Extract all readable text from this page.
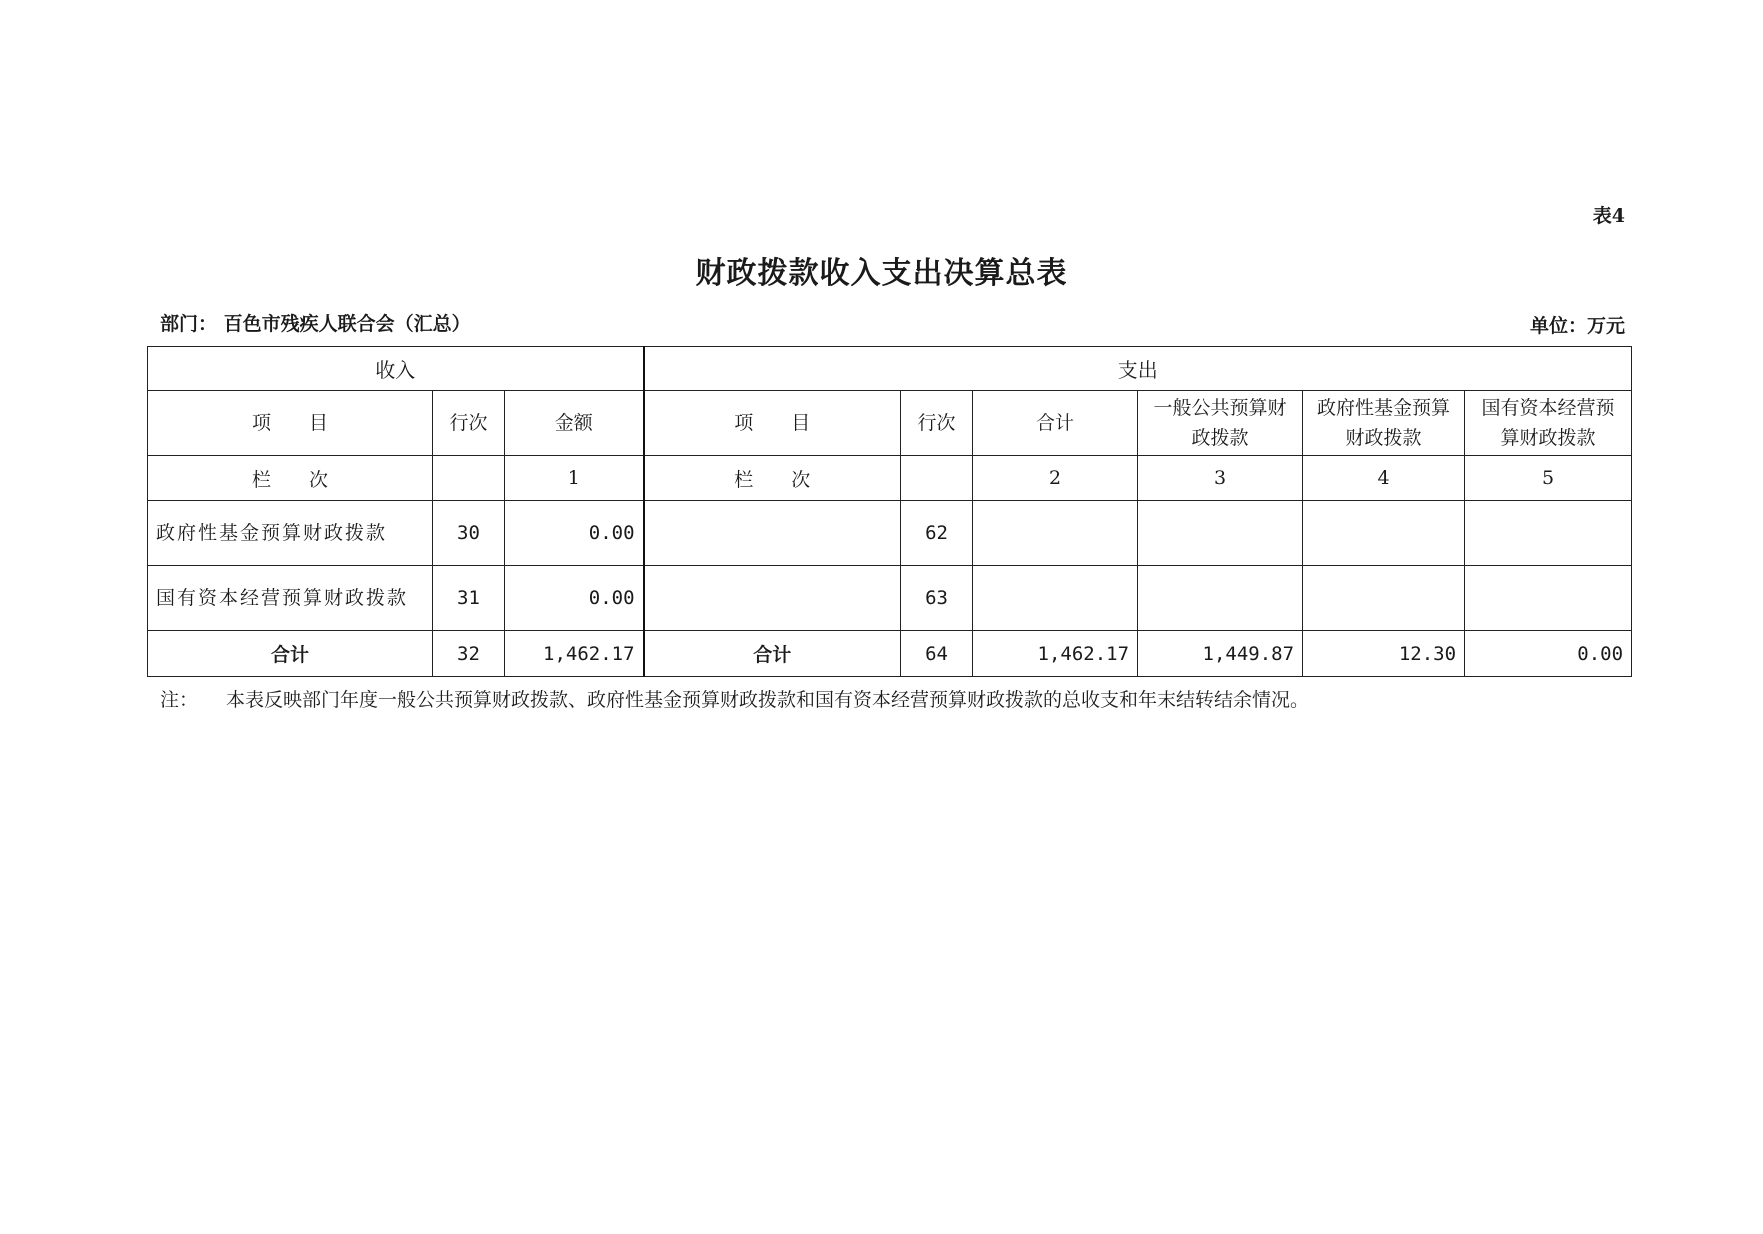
表4
财政拨款收入支出决算总表
部门： 百色市残疾人联合会（汇总）	单位：万元
收入			支出					
项　　目	行次	金额	项　　目	行次	合计	一般公共预算财政拨款	政府性基金预算财政拨款	国有资本经营预算财政拨款
栏　　次		1	栏　　次		2	3	4	5
政府性基金预算财政拨款	30	0.00		62				
国有资本经营预算财政拨款	31	0.00		63				
合计	32	1,462.17	合计	64	1,462.17	1,449.87	12.30	0.00
注： 本表反映部门年度一般公共预算财政拨款、政府性基金预算财政拨款和国有资本经营预算财政拨款的总收支和年末结转结余情况。
